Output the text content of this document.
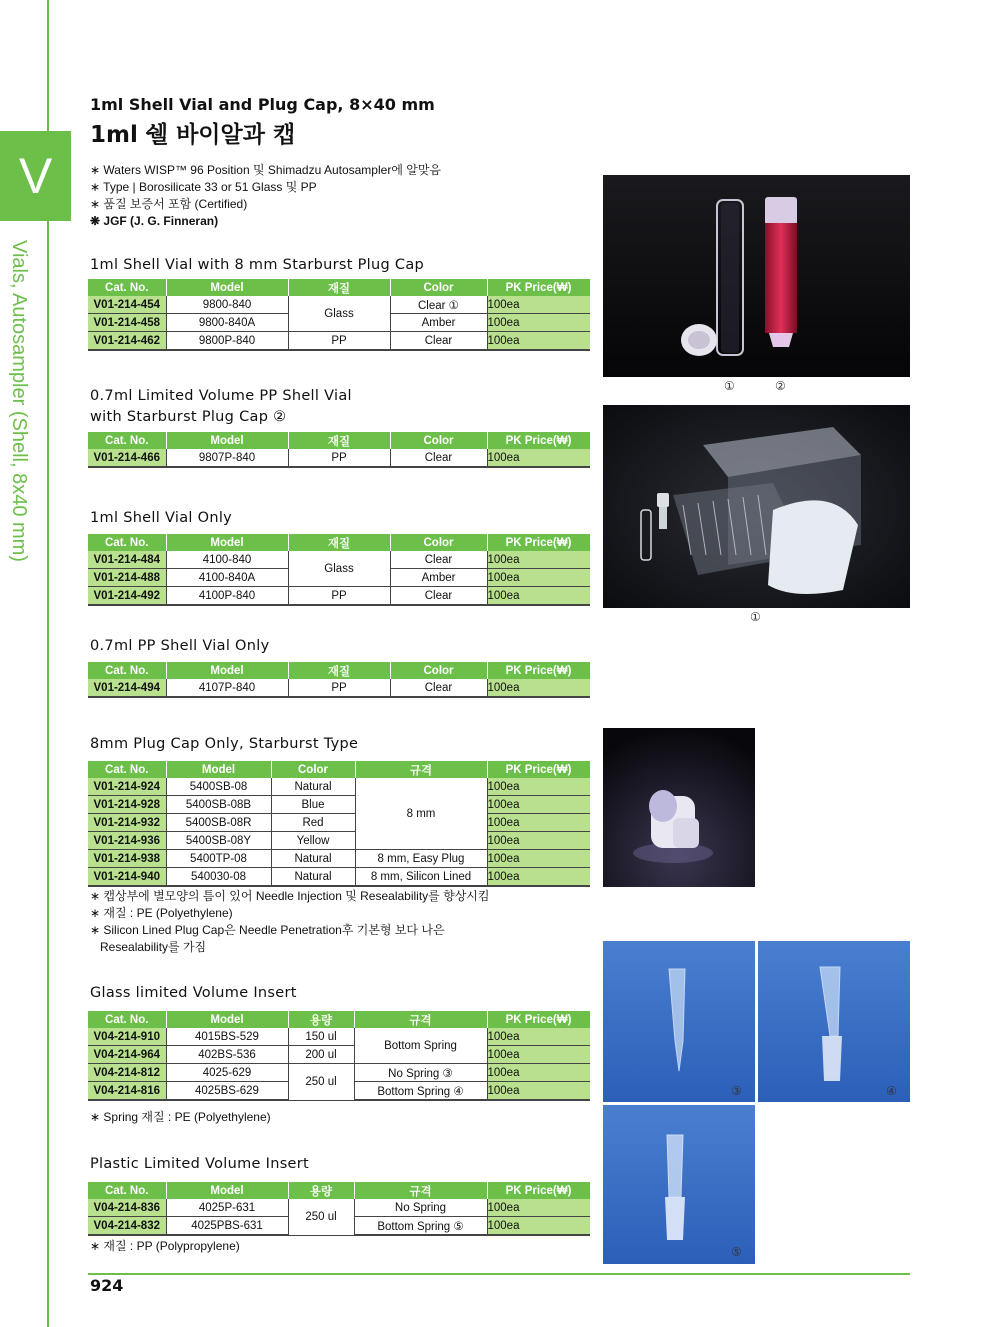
V
Vials, Autosampler (Shell, 8x40 mm)
1ml Shell Vial and Plug Cap, 8×40 mm
1ml 쉘 바이알과 캡
∗ Waters WISP™ 96 Position 및 Shimadzu Autosampler에 알맞음
∗ Type | Borosilicate 33 or 51 Glass 및 PP
∗ 품질 보증서 포함 (Certified)
❋ JGF (J. G. Finneran)
1ml Shell Vial with 8 mm Starburst Plug Cap
Cat. No.	Model	재질	Color	PK Price(₩)
V01-214-454	9800-840	Glass	Clear ①	100ea
V01-214-458	9800-840A		Amber	100ea
V01-214-462	9800P-840	PP	Clear	100ea
0.7ml Limited Volume PP Shell Vial
with Starburst Plug Cap ②
Cat. No.	Model	재질	Color	PK Price(₩)
V01-214-466	9807P-840	PP	Clear	100ea
1ml Shell Vial Only
Cat. No.	Model	재질	Color	PK Price(₩)
V01-214-484	4100-840	Glass	Clear	100ea
V01-214-488	4100-840A		Amber	100ea
V01-214-492	4100P-840	PP	Clear	100ea
0.7ml PP Shell Vial Only
Cat. No.	Model	재질	Color	PK Price(₩)
V01-214-494	4107P-840	PP	Clear	100ea
8mm Plug Cap Only, Starburst Type
Cat. No.	Model	Color	규격	PK Price(₩)
V01-214-924	5400SB-08	Natural	8 mm	100ea
V01-214-928	5400SB-08B	Blue		100ea
V01-214-932	5400SB-08R	Red		100ea
V01-214-936	5400SB-08Y	Yellow		100ea
V01-214-938	5400TP-08	Natural	8 mm, Easy Plug	100ea
V01-214-940	540030-08	Natural	8 mm, Silicon Lined	100ea
∗ 캡상부에 별모양의 틈이 있어 Needle Injection 및 Resealability를 향상시킴
∗ 재질 : PE (Polyethylene)
∗ Silicon Lined Plug Cap은 Needle Penetration후 기본형 보다 나은
Resealability를 가짐
Glass limited Volume Insert
Cat. No.	Model	용량	규격	PK Price(₩)
V04-214-910	4015BS-529	150 ul	Bottom Spring	100ea
V04-214-964	402BS-536	200 ul		100ea
V04-214-812	4025-629	250 ul	No Spring ③	100ea
V04-214-816	4025BS-629		Bottom Spring ④	100ea
∗ Spring 재질 : PE (Polyethylene)
Plastic Limited Volume Insert
Cat. No.	Model	용량	규격	PK Price(₩)
V04-214-836	4025P-631	250 ul	No Spring	100ea
V04-214-832	4025PBS-631		Bottom Spring ⑤	100ea
∗ 재질 : PP (Polypropylene)
①	②
①
③	④
⑤
924
